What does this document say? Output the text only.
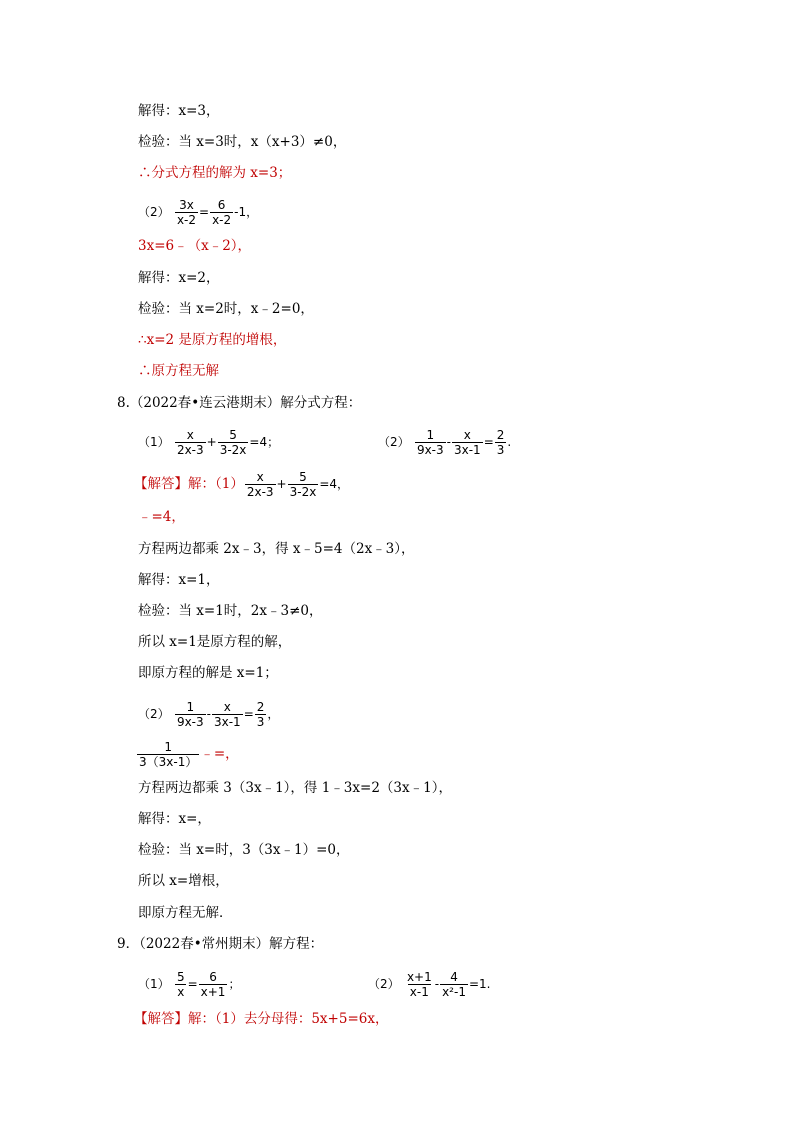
解得：x=3，
检验：当 x=3时，x（x+3）≠0，
∴分式方程的解为 x=3；
$(2) \frac{3x}{x-2} = \frac{6}{x-2} -1$，
3x=6﹣（x﹣2），
解得：x=2，
检验：当 x=2时，x﹣2=0，
∴x=2 是原方程的增根，
∴原方程无解
8.（2022春•连云港期末）解分式方程：
$(1) \frac{x}{2x-3} + \frac{5}{3-2x} =4$；	$(2) \frac{1}{9x-3} - \frac{x}{3x-1} = \frac{2}{3}$ .
【解答】解：$(1) \frac{x}{2x-3} + \frac{5}{3-2x} =4$，
﹣=4，
方程两边都乘 2x﹣3，得 x﹣5=4（2x﹣3），
解得：x=1，
检验：当 x=1时，2x﹣3≠0，
所以 x=1是原方程的解，
即原方程的解是 x=1；
$(2) \frac{1}{9x-3} - \frac{x}{3x-1} = \frac{2}{3}$ ，
$\frac{1}{3(3x-1)}$ ﹣=，
方程两边都乘 3（3x﹣1），得 1﹣3x=2（3x﹣1），
解得：x=，
检验：当 x=时，3（3x﹣1）=0，
所以 x=增根，
即原方程无解．
9．（2022春•常州期末）解方程：
$(1) \frac{5}{x} = \frac{6}{x+1}$ ；	$(2) \frac{x+1}{x-1} - \frac{4}{\text{x²-1}} =1$.
【解答】解：（1）去分母得：5x+5=6x，
